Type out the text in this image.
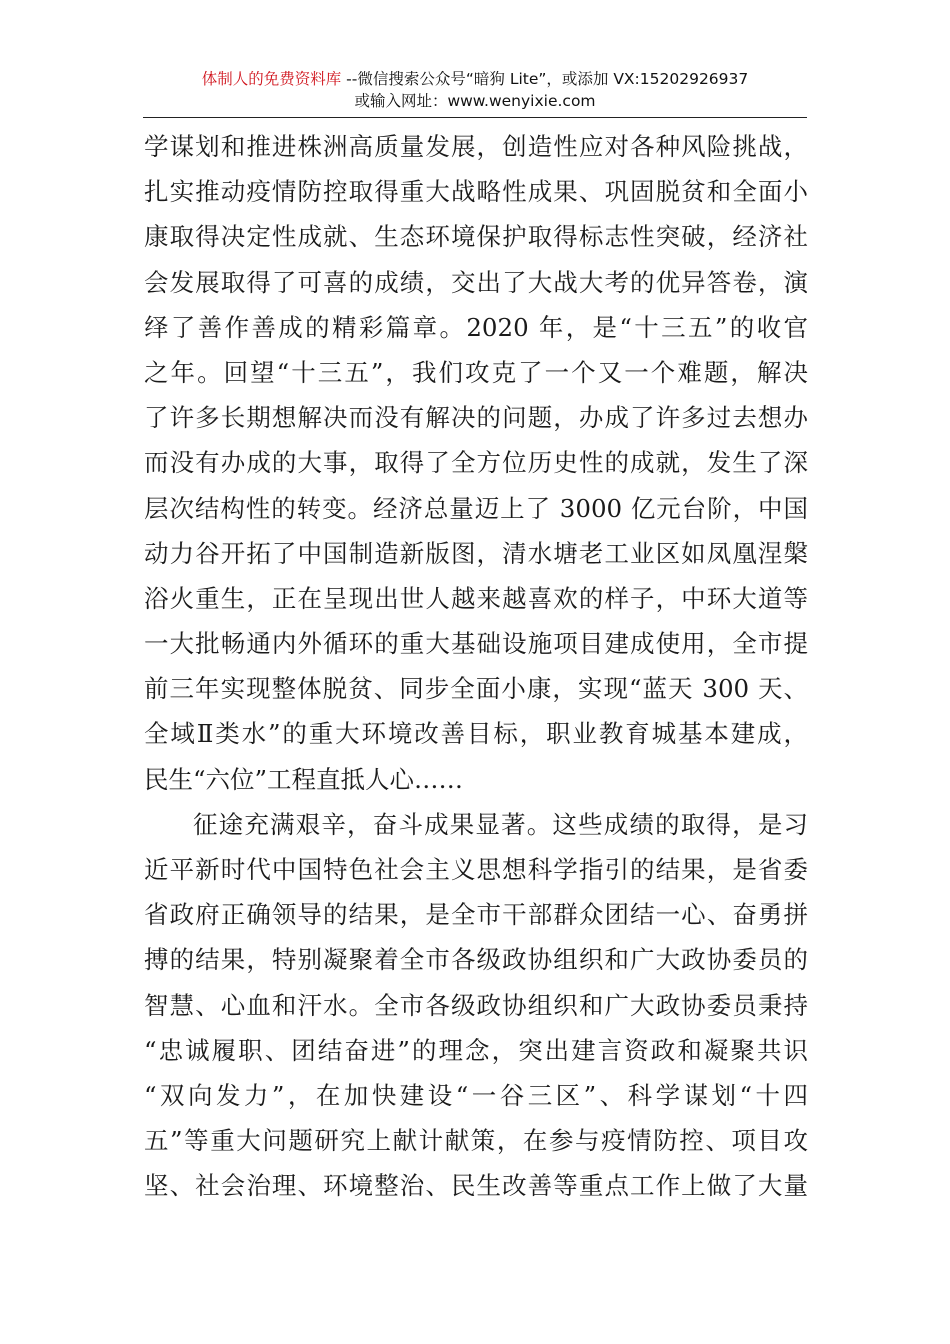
体制人的免费资料库 --微信搜索公众号“暗狗 Lite”，或添加 VX:15202926937
或输入网址：www.wenyixie.com
学谋划和推进株洲高质量发展，创造性应对各种风险挑战，
扎实推动疫情防控取得重大战略性成果、巩固脱贫和全面小
康取得决定性成就、生态环境保护取得标志性突破，经济社
会发展取得了可喜的成绩，交出了大战大考的优异答卷，演
绎了善作善成的精彩篇章。2020 年，是“十三五”的收官
之年。回望“十三五”，我们攻克了一个又一个难题，解决
了许多长期想解决而没有解决的问题，办成了许多过去想办
而没有办成的大事，取得了全方位历史性的成就，发生了深
层次结构性的转变。经济总量迈上了 3000 亿元台阶，中国
动力谷开拓了中国制造新版图，清水塘老工业区如凤凰涅槃
浴火重生，正在呈现出世人越来越喜欢的样子，中环大道等
一大批畅通内外循环的重大基础设施项目建成使用，全市提
前三年实现整体脱贫、同步全面小康，实现“蓝天 300 天、
全域Ⅱ类水”的重大环境改善目标，职业教育城基本建成，
民生“六位”工程直抵人心……
征途充满艰辛，奋斗成果显著。这些成绩的取得，是习
近平新时代中国特色社会主义思想科学指引的结果，是省委
省政府正确领导的结果，是全市干部群众团结一心、奋勇拼
搏的结果，特别凝聚着全市各级政协组织和广大政协委员的
智慧、心血和汗水。全市各级政协组织和广大政协委员秉持
“忠诚履职、团结奋进”的理念，突出建言资政和凝聚共识
“双向发力”，在加快建设“一谷三区”、科学谋划“十四
五”等重大问题研究上献计献策，在参与疫情防控、项目攻
坚、社会治理、环境整治、民生改善等重点工作上做了大量
